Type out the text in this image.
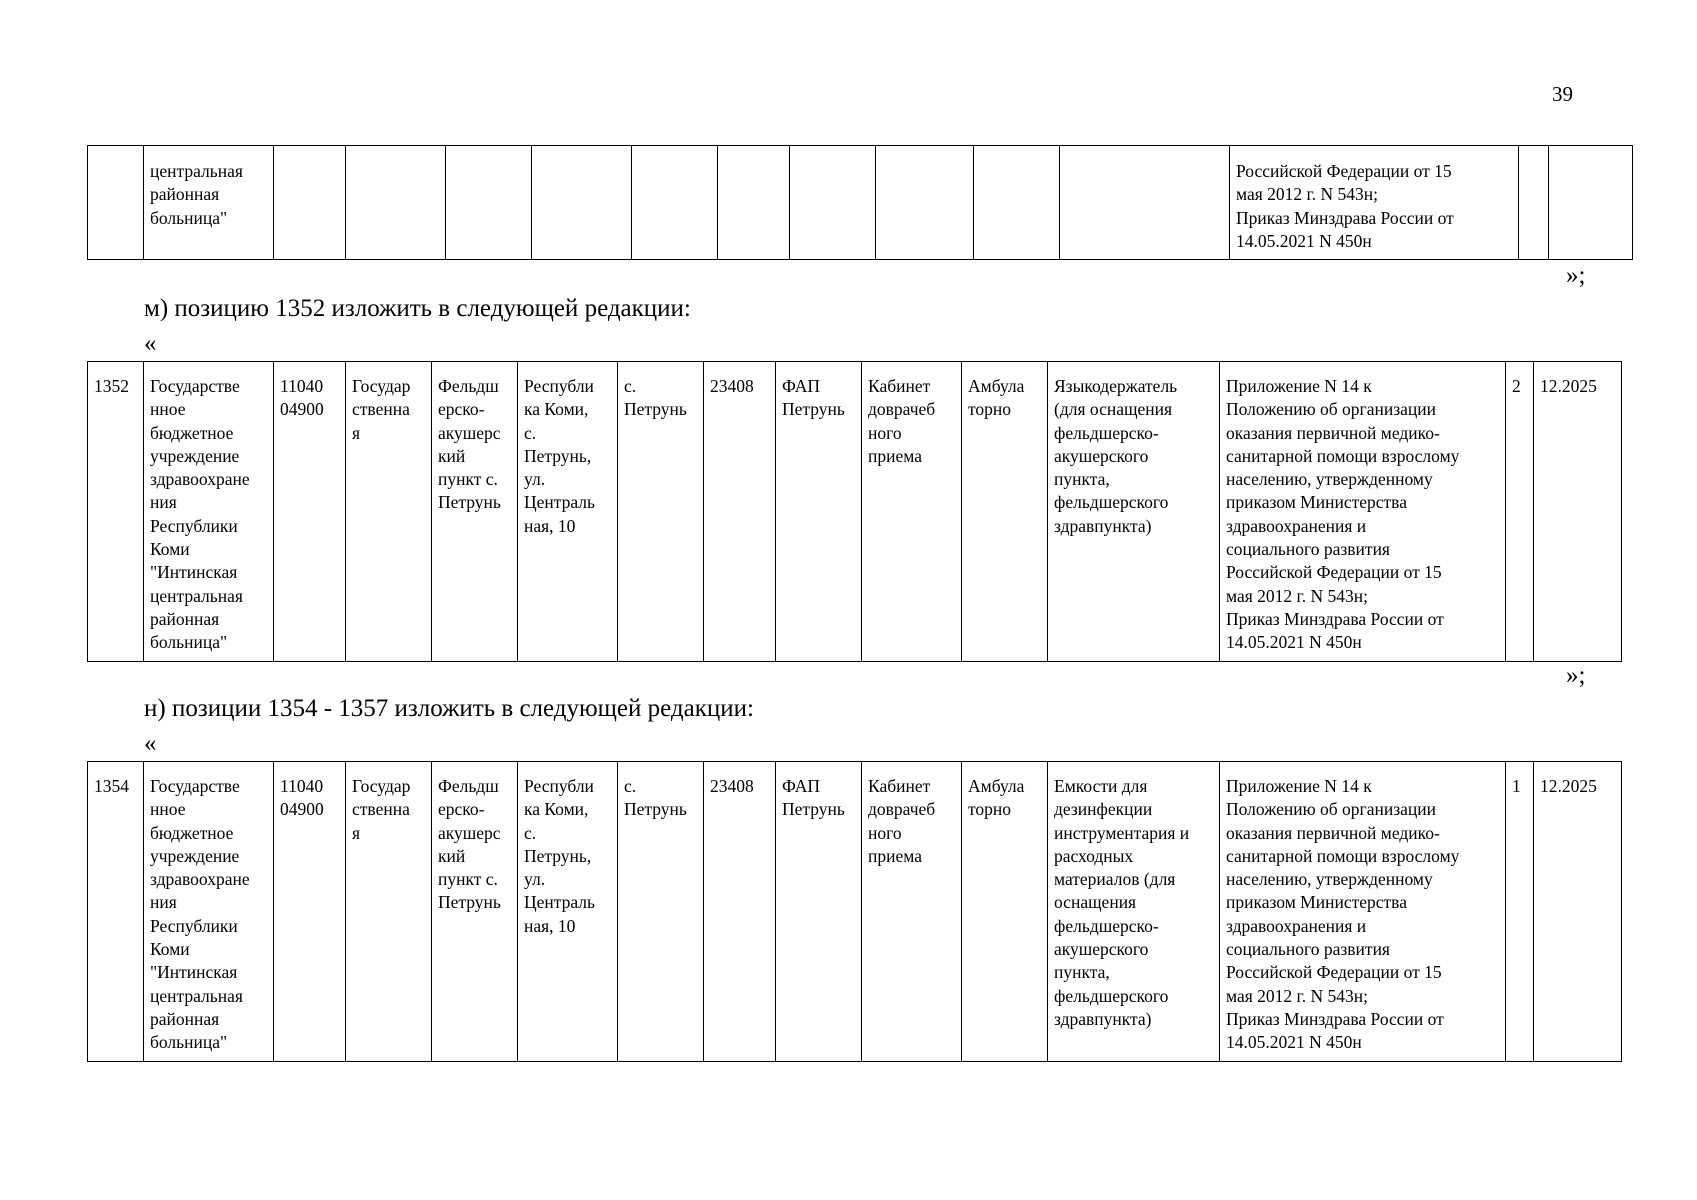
39
	центральная
районная
больница"											Российской Федерации от 15
мая 2012 г. N 543н;
Приказ Минздрава России от
14.05.2021 N 450н		
»;
м) позицию 1352 изложить в следующей редакции:
«
1352	Государстве
нное
бюджетное
учреждение
здравоохране
ния
Республики
Коми
"Интинская
центральная
районная
больница"	11040
04900	Государ
ственна
я	Фельдш
ерско-
акушерс
кий
пункт с.
Петрунь	Республи
ка Коми,
с.
Петрунь,
ул.
Централь
ная, 10	с.
Петрунь	23408	ФАП
Петрунь	Кабинет
доврачеб
ного
приема	Амбула
торно	Языкодержатель
(для оснащения
фельдшерско-
акушерского
пункта,
фельдшерского
здравпункта)	Приложение N 14 к
Положению об организации
оказания первичной медико-
санитарной помощи взрослому
населению, утвержденному
приказом Министерства
здравоохранения и
социального развития
Российской Федерации от 15
мая 2012 г. N 543н;
Приказ Минздрава России от
14.05.2021 N 450н	2	12.2025
»;
н) позиции 1354 - 1357 изложить в следующей редакции:
«
1354	Государстве
нное
бюджетное
учреждение
здравоохране
ния
Республики
Коми
"Интинская
центральная
районная
больница"	11040
04900	Государ
ственна
я	Фельдш
ерско-
акушерс
кий
пункт с.
Петрунь	Республи
ка Коми,
с.
Петрунь,
ул.
Централь
ная, 10	с.
Петрунь	23408	ФАП
Петрунь	Кабинет
доврачеб
ного
приема	Амбула
торно	Емкости для
дезинфекции
инструментария и
расходных
материалов (для
оснащения
фельдшерско-
акушерского
пункта,
фельдшерского
здравпункта)	Приложение N 14 к
Положению об организации
оказания первичной медико-
санитарной помощи взрослому
населению, утвержденному
приказом Министерства
здравоохранения и
социального развития
Российской Федерации от 15
мая 2012 г. N 543н;
Приказ Минздрава России от
14.05.2021 N 450н	1	12.2025
